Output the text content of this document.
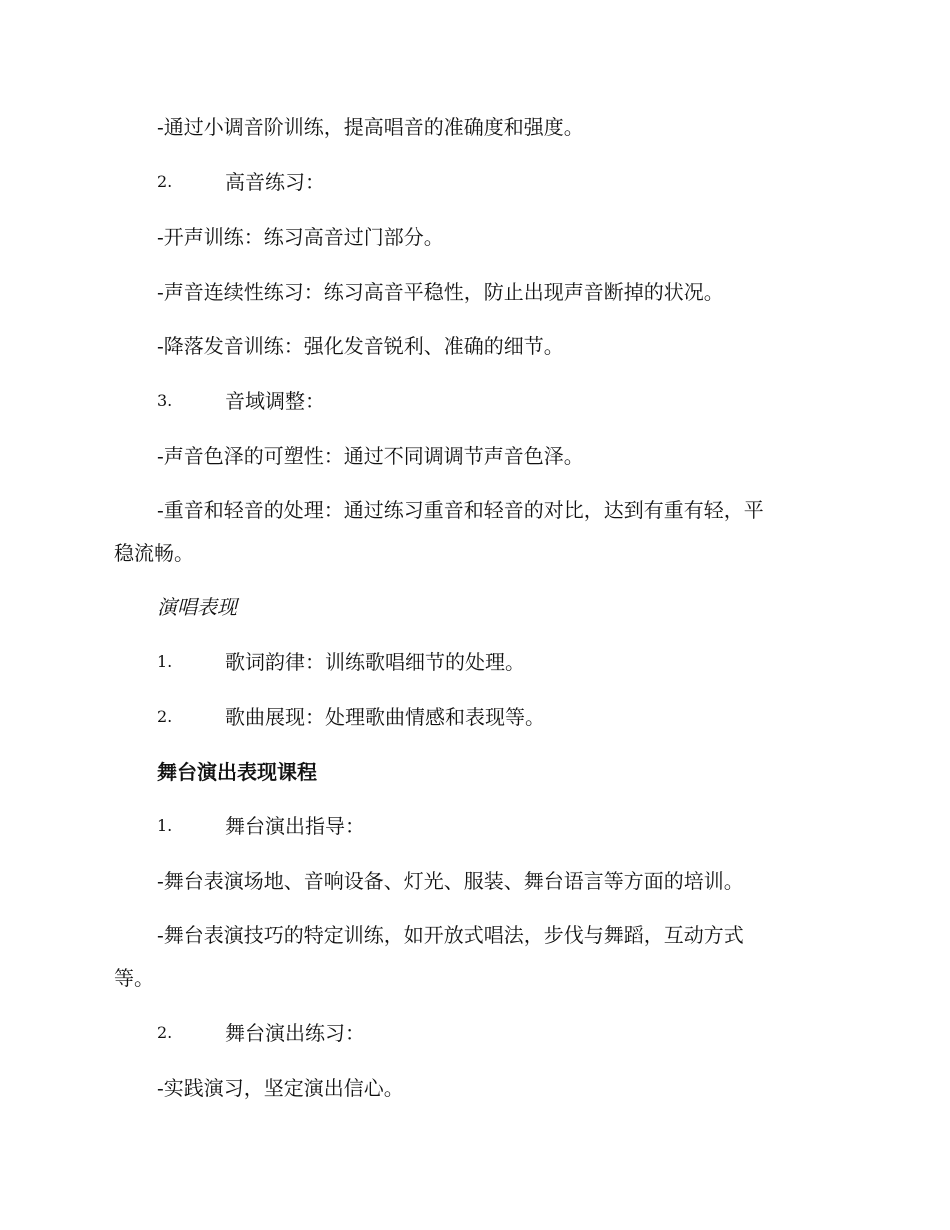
-通过小调音阶训练，提高唱音的准确度和强度。
2.	高音练习：
-开声训练：练习高音过门部分。
-声音连续性练习：练习高音平稳性，防止出现声音断掉的状况。
-降落发音训练：强化发音锐利、准确的细节。
3.	音域调整：
-声音色泽的可塑性：通过不同调调节声音色泽。
-重音和轻音的处理：通过练习重音和轻音的对比，达到有重有轻，平
稳流畅。
演唱表现
1.	歌词韵律：训练歌唱细节的处理。
2.	歌曲展现：处理歌曲情感和表现等。
舞台演出表现课程
1.	舞台演出指导：
-舞台表演场地、音响设备、灯光、服装、舞台语言等方面的培训。
-舞台表演技巧的特定训练，如开放式唱法，步伐与舞蹈，互动方式
等。
2.	舞台演出练习：
-实践演习，坚定演出信心。
